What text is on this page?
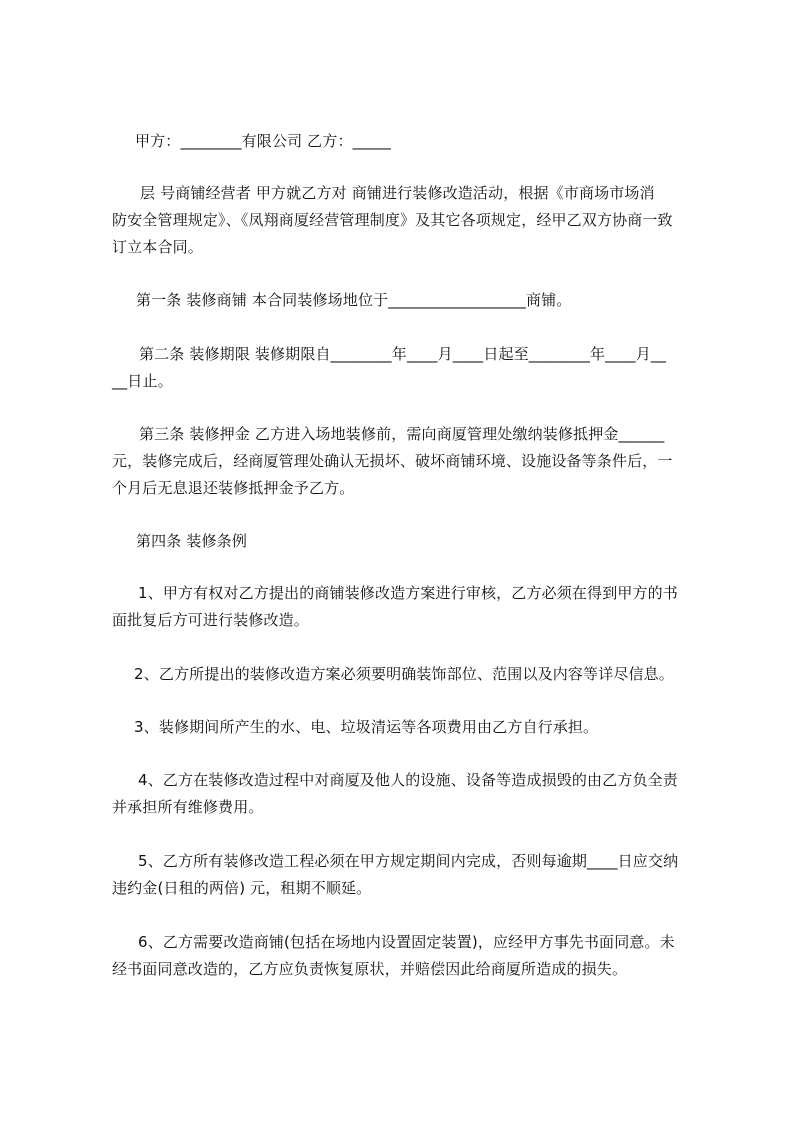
甲方：________有限公司 乙方：_____
层 号商铺经营者 甲方就乙方对 商铺进行装修改造活动，根据《市商场市场消
防安全管理规定》、《凤翔商厦经营管理制度》及其它各项规定，经甲乙双方协商一致
订立本合同。
第一条 装修商铺 本合同装修场地位于__________________商铺。
第二条 装修期限 装修期限自________年____月____日起至________年____月__
__日止。
第三条 装修押金 乙方进入场地装修前，需向商厦管理处缴纳装修抵押金______
元，装修完成后，经商厦管理处确认无损坏、破坏商铺环境、设施设备等条件后，一
个月后无息退还装修抵押金予乙方。
第四条 装修条例
1、甲方有权对乙方提出的商铺装修改造方案进行审核，乙方必须在得到甲方的书
面批复后方可进行装修改造。
2、乙方所提出的装修改造方案必须要明确装饰部位、范围以及内容等详尽信息。
3、装修期间所产生的水、电、垃圾清运等各项费用由乙方自行承担。
4、乙方在装修改造过程中对商厦及他人的设施、设备等造成损毁的由乙方负全责
并承担所有维修费用。
5、乙方所有装修改造工程必须在甲方规定期间内完成，否则每逾期____日应交纳
违约金(日租的两倍) 元，租期不顺延。
6、乙方需要改造商铺(包括在场地内设置固定装置)，应经甲方事先书面同意。未
经书面同意改造的，乙方应负责恢复原状，并赔偿因此给商厦所造成的损失。
